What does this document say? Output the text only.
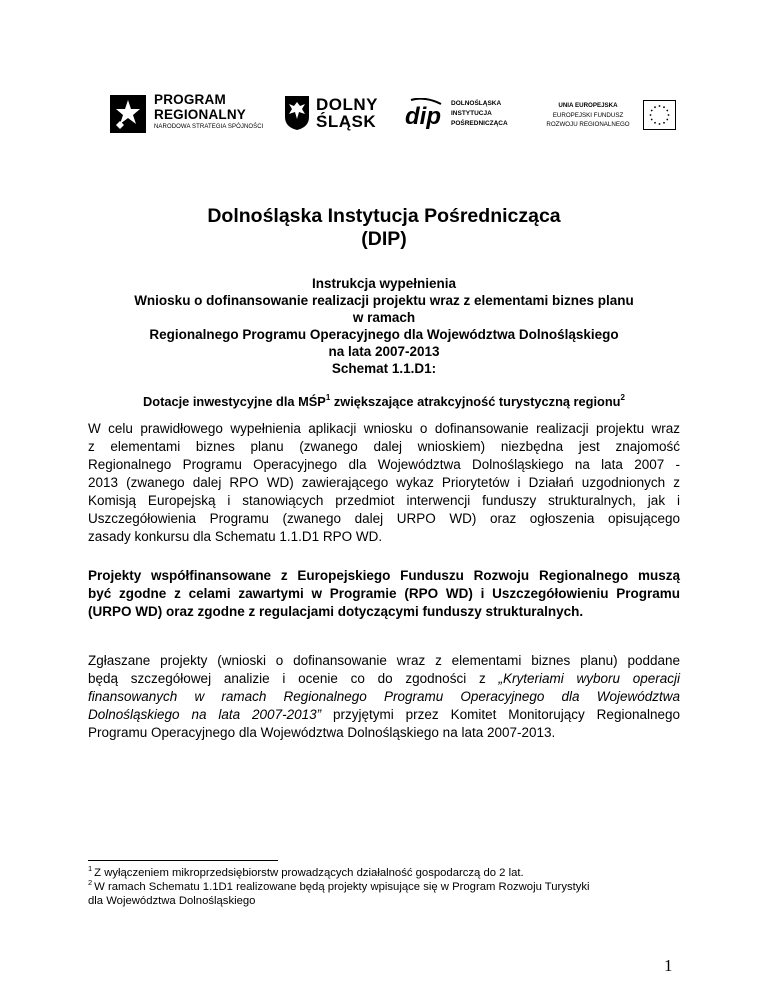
PROGRAM
REGIONALNY
NARODOWA STRATEGIA SPÓJNOŚCI
DOLNY
ŚLĄSK dip DOLNOŚLĄSKA
INSTYTUCJA
POŚREDNICZĄCA
UNIA EUROPEJSKA
EUROPEJSKI FUNDUSZ
ROZWOJU REGIONALNEGO
Dolnośląska Instytucja Pośrednicząca
(DIP)
Instrukcja wypełnienia
Wniosku o dofinansowanie realizacji projektu wraz z elementami biznes planu
w ramach
Regionalnego Programu Operacyjnego dla Województwa Dolnośląskiego
na lata 2007-2013
Schemat 1.1.D1:
Dotacje inwestycyjne dla MŚP$^1$ zwiększające atrakcyjność turystyczną regionu$^2$
W celu prawidłowego wypełnienia aplikacji wniosku o dofinansowanie realizacji projektu wraz
z elementami biznes planu (zwanego dalej wnioskiem) niezbędna jest znajomość
Regionalnego Programu Operacyjnego dla Województwa Dolnośląskiego na lata 2007 -
2013 (zwanego dalej RPO WD) zawierającego wykaz Priorytetów i Działań uzgodnionych z
Komisją Europejską i stanowiących przedmiot interwencji funduszy strukturalnych, jak i
Uszczegółowienia Programu (zwanego dalej URPO WD) oraz ogłoszenia opisującego
zasady konkursu dla Schematu 1.1.D1 RPO WD.
Projekty współfinansowane z Europejskiego Funduszu Rozwoju Regionalnego muszą
być zgodne z celami zawartymi w Programie (RPO WD) i Uszczegółowieniu Programu
(URPO WD) oraz zgodne z regulacjami dotyczącymi funduszy strukturalnych.
Zgłaszane projekty (wnioski o dofinansowanie wraz z elementami biznes planu) poddane
będą szczegółowej analizie i ocenie co do zgodności z „Kryteriami wyboru operacji
finansowanych w ramach Regionalnego Programu Operacyjnego dla Województwa
Dolnośląskiego na lata 2007-2013” przyjętymi przez Komitet Monitorujący Regionalnego
Programu Operacyjnego dla Województwa Dolnośląskiego na lata 2007-2013.
$^1$ Z wyłączeniem mikroprzedsiębiorstw prowadzących działalność gospodarczą do 2 lat.
$^2$ W ramach Schematu 1.1D1 realizowane będą projekty wpisujące się w Program Rozwoju Turystyki
dla Województwa Dolnośląskiego
1
